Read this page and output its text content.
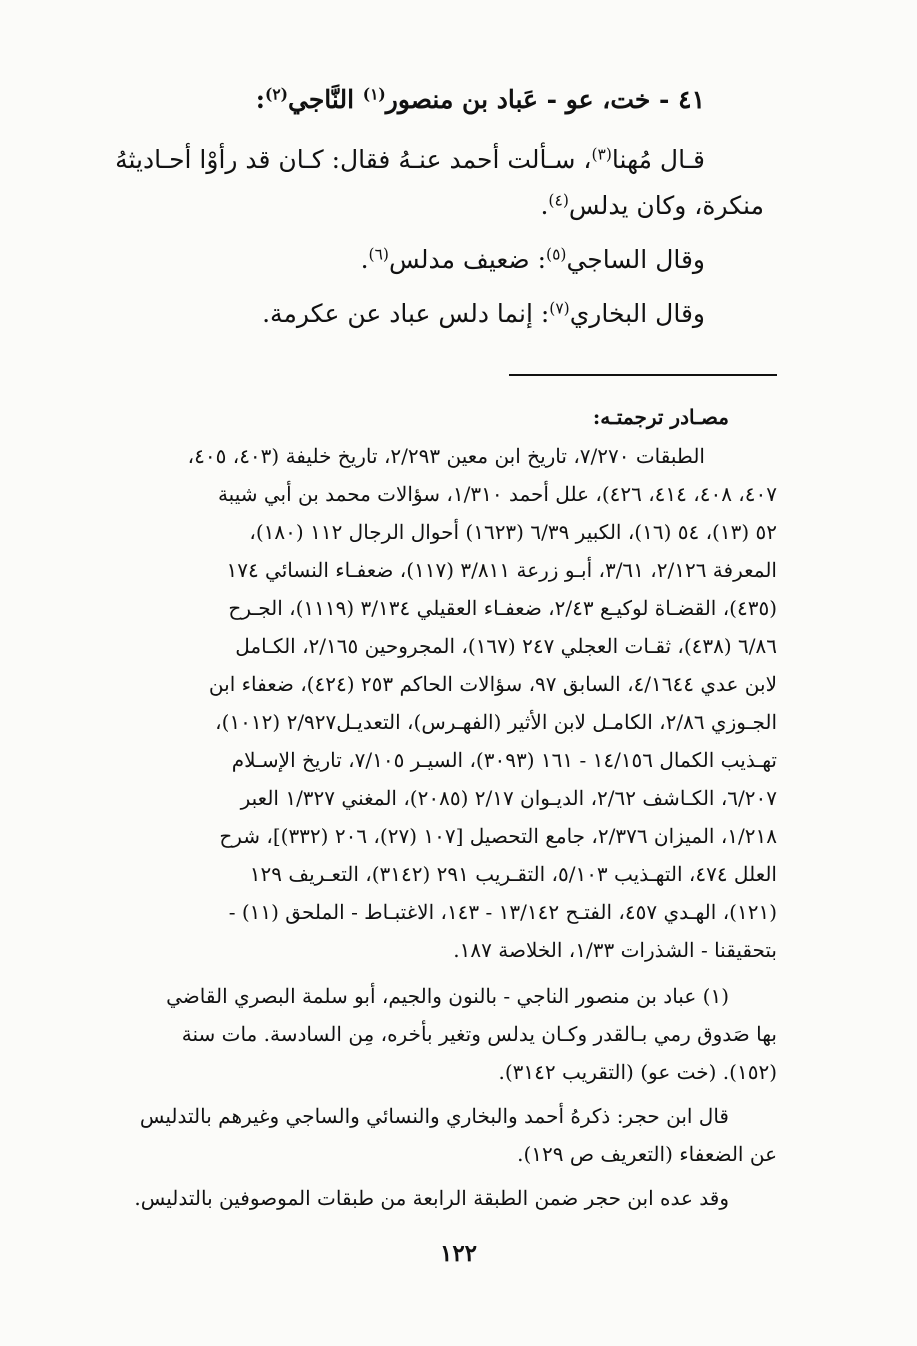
٤١ - خت، عو - عَباد بن منصور$^{(١)}$ النَّاجي$^{(٢)}$:
قـال مُهنا$^{(٣)}$، سـألت أحمد عنـهُ فقال: كـان قد رأوْا أحـاديثهُ
منكرة، وكان يدلس$^{(٤)}$.
وقال الساجي$^{(٥)}$: ضعيف مدلس$^{(٦)}$.
وقال البخاري$^{(٧)}$: إنما دلس عباد عن عكرمة.
مصـادر ترجمتـه:
الطبقات ٧/٢٧٠، تاريخ ابن معين ٢/٢٩٣، تاريخ خليفة (٤٠٣، ٤٠٥،
٤٠٧، ٤٠٨، ٤١٤، ٤٢٦)، علل أحمد ١/٣١٠، سؤالات محمد بن أبي شيبة
٥٢ (١٣)، ٥٤ (١٦)، الكبير ٦/٣٩ (١٦٢٣) أحوال الرجال ١١٢ (١٨٠)،
المعرفة ٢/١٢٦، ٣/٦١، أبـو زرعة ٣/٨١١ (١١٧)، ضعفـاء النسائي ١٧٤
(٤٣٥)، القضـاة لوكيـع ٢/٤٣، ضعفـاء العقيلي ٣/١٣٤ (١١١٩)، الجـرح
٦/٨٦ (٤٣٨)، ثقـات العجلي ٢٤٧ (١٦٧)، المجروحين ٢/١٦٥، الكـامل
لابن عدي ٤/١٦٤٤، السابق ٩٧، سؤالات الحاكم ٢٥٣ (٤٢٤)، ضعفاء ابن
الجـوزي ٢/٨٦، الكامـل لابن الأثير (الفهـرس)، التعديـل٢/٩٢٧ (١٠١٢)،
تهـذيب الكمال ١٤/١٥٦ - ١٦١ (٣٠٩٣)، السيـر ٧/١٠٥، تاريخ الإسـلام
٦/٢٠٧، الكـاشف ٢/٦٢، الديـوان ٢/١٧ (٢٠٨٥)، المغني ١/٣٢٧ العبر
١/٢١٨، الميزان ٢/٣٧٦، جامع التحصيل [١٠٧ (٢٧)، ٢٠٦ (٣٣٢)]، شرح
العلل ٤٧٤، التهـذيب ٥/١٠٣، التقـريب ٢٩١ (٣١٤٢)، التعـريف ١٢٩
(١٢١)، الهـدي ٤٥٧، الفتـح ١٣/١٤٢ - ١٤٣، الاغتبـاط - الملحق (١١) -
بتحقيقنا - الشذرات ١/٣٣، الخلاصة ١٨٧.
(١) عباد بن منصور الناجي - بالنون والجيم، أبو سلمة البصري القاضي
بها صَدوق رمي بـالقدر وكـان يدلس وتغير بأخره، مِن السادسة. مات سنة
(١٥٢). (خت عو) (التقريب ٣١٤٢).
قال ابن حجر: ذكرهُ أحمد والبخاري والنسائي والساجي وغيرهم بالتدليس
عن الضعفاء (التعريف ص ١٢٩).
وقد عده ابن حجر ضمن الطبقة الرابعة من طبقات الموصوفين بالتدليس.
١٢٢
